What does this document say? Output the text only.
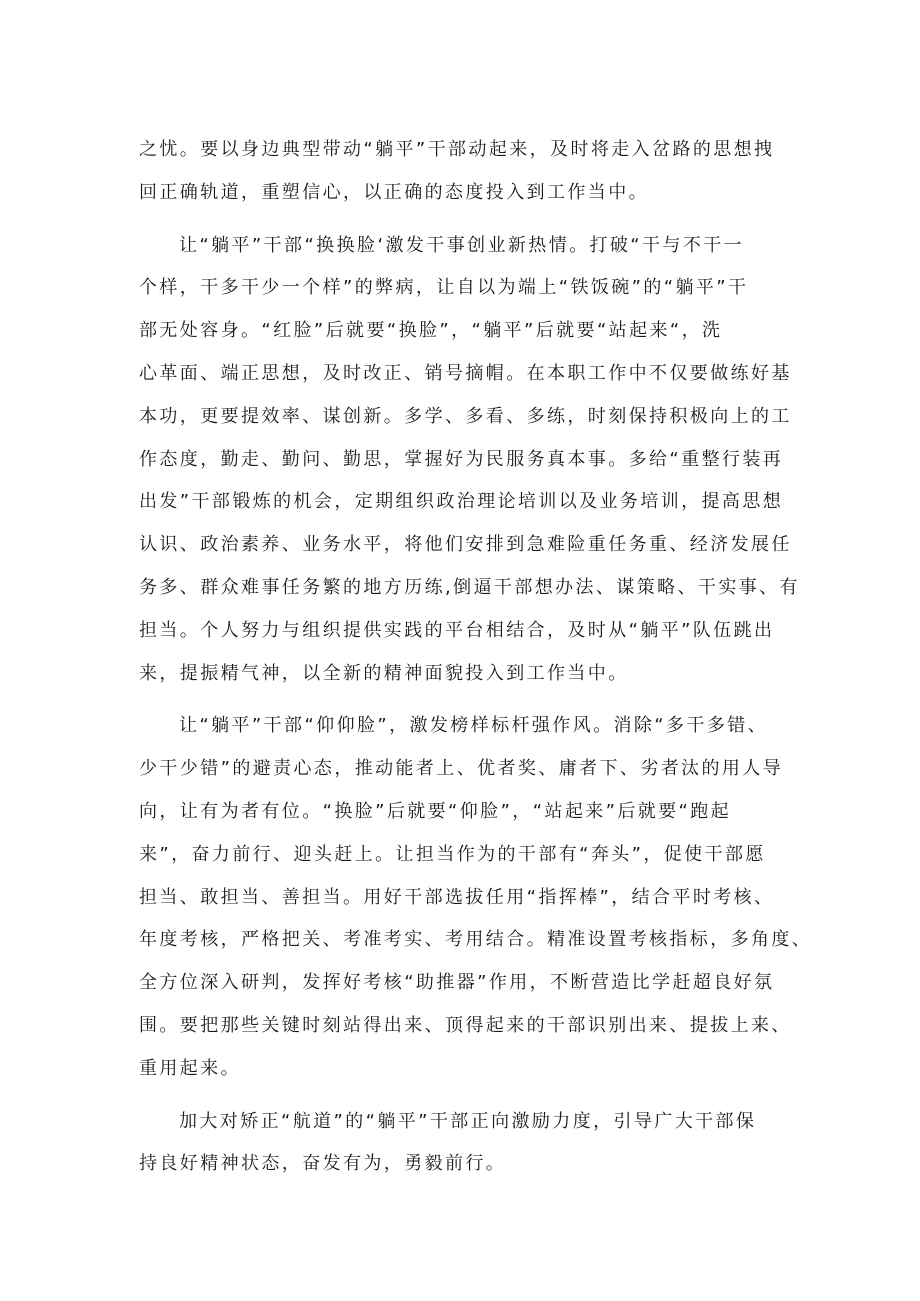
之忧。要以身边典型带动“躺平”干部动起来，及时将走入岔路的思想拽
回正确轨道，重塑信心，以正确的态度投入到工作当中。

让“躺平”干部“换换脸‘激发干事创业新热情。打破“干与不干一
个样，干多干少一个样”的弊病，让自以为端上“铁饭碗”的“躺平”干
部无处容身。“红脸”后就要“换脸”，“躺平”后就要“站起来“，洗
心革面、端正思想，及时改正、销号摘帽。在本职工作中不仅要做练好基
本功，更要提效率、谋创新。多学、多看、多练，时刻保持积极向上的工
作态度，勤走、勤问、勤思，掌握好为民服务真本事。多给“重整行装再
出发”干部锻炼的机会，定期组织政治理论培训以及业务培训，提高思想
认识、政治素养、业务水平，将他们安排到急难险重任务重、经济发展任
务多、群众难事任务繁的地方历练,倒逼干部想办法、谋策略、干实事、有
担当。个人努力与组织提供实践的平台相结合，及时从“躺平”队伍跳出
来，提振精气神，以全新的精神面貌投入到工作当中。

让“躺平”干部“仰仰脸”，激发榜样标杆强作风。消除“多干多错、
少干少错”的避责心态，推动能者上、优者奖、庸者下、劣者汰的用人导
向，让有为者有位。“换脸”后就要“仰脸”，“站起来”后就要“跑起
来”，奋力前行、迎头赶上。让担当作为的干部有“奔头”，促使干部愿
担当、敢担当、善担当。用好干部选拔任用“指挥棒”，结合平时考核、
年度考核，严格把关、考准考实、考用结合。精准设置考核指标，多角度、
全方位深入研判，发挥好考核“助推器”作用，不断营造比学赶超良好氛
围。要把那些关键时刻站得出来、顶得起来的干部识别出来、提拔上来、
重用起来。

加大对矫正“航道”的“躺平”干部正向激励力度，引导广大干部保
持良好精神状态，奋发有为，勇毅前行。
